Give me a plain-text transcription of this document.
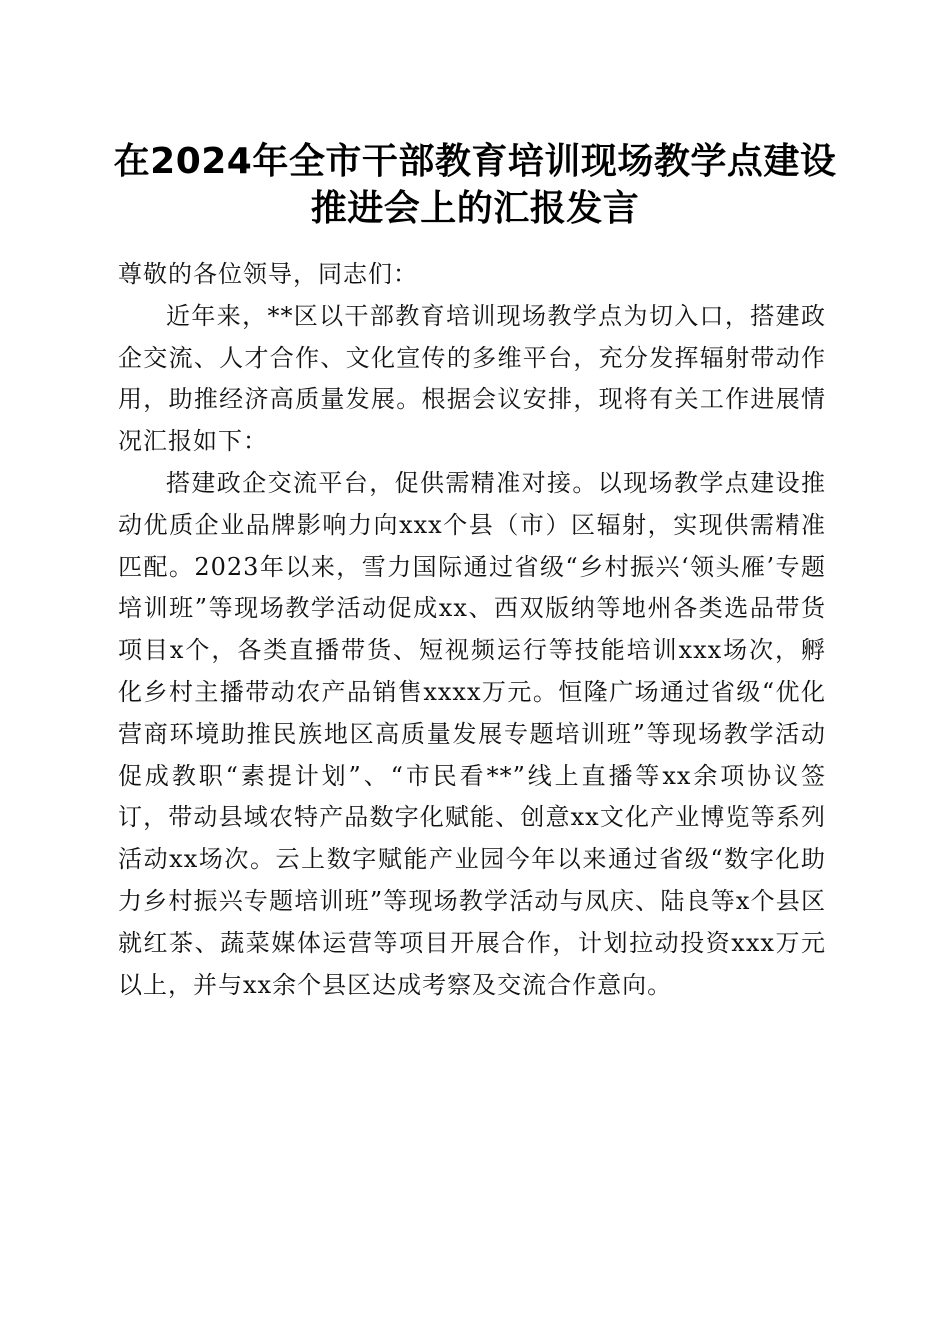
在2024年全市干部教育培训现场教学点建设
推进会上的汇报发言

尊敬的各位领导，同志们：

近年来，**区以干部教育培训现场教学点为切入口，搭建政企交流、人才合作、文化宣传的多维平台，充分发挥辐射带动作用，助推经济高质量发展。根据会议安排，现将有关工作进展情况汇报如下：

搭建政企交流平台，促供需精准对接。以现场教学点建设推动优质企业品牌影响力向xxx个县（市）区辐射，实现供需精准匹配。2023年以来，雪力国际通过省级“乡村振兴‘领头雁’专题培训班”等现场教学活动促成xx、西双版纳等地州各类选品带货项目x个，各类直播带货、短视频运行等技能培训xxx场次，孵化乡村主播带动农产品销售xxxx万元。恒隆广场通过省级“优化营商环境助推民族地区高质量发展专题培训班”等现场教学活动促成教职“素提计划”、“市民看**”线上直播等xx余项协议签订，带动县域农特产品数字化赋能、创意xx文化产业博览等系列活动xx场次。云上数字赋能产业园今年以来通过省级“数字化助力乡村振兴专题培训班”等现场教学活动与凤庆、陆良等x个县区就红茶、蔬菜媒体运营等项目开展合作，计划拉动投资xxx万元以上，并与xx余个县区达成考察及交流合作意向。
